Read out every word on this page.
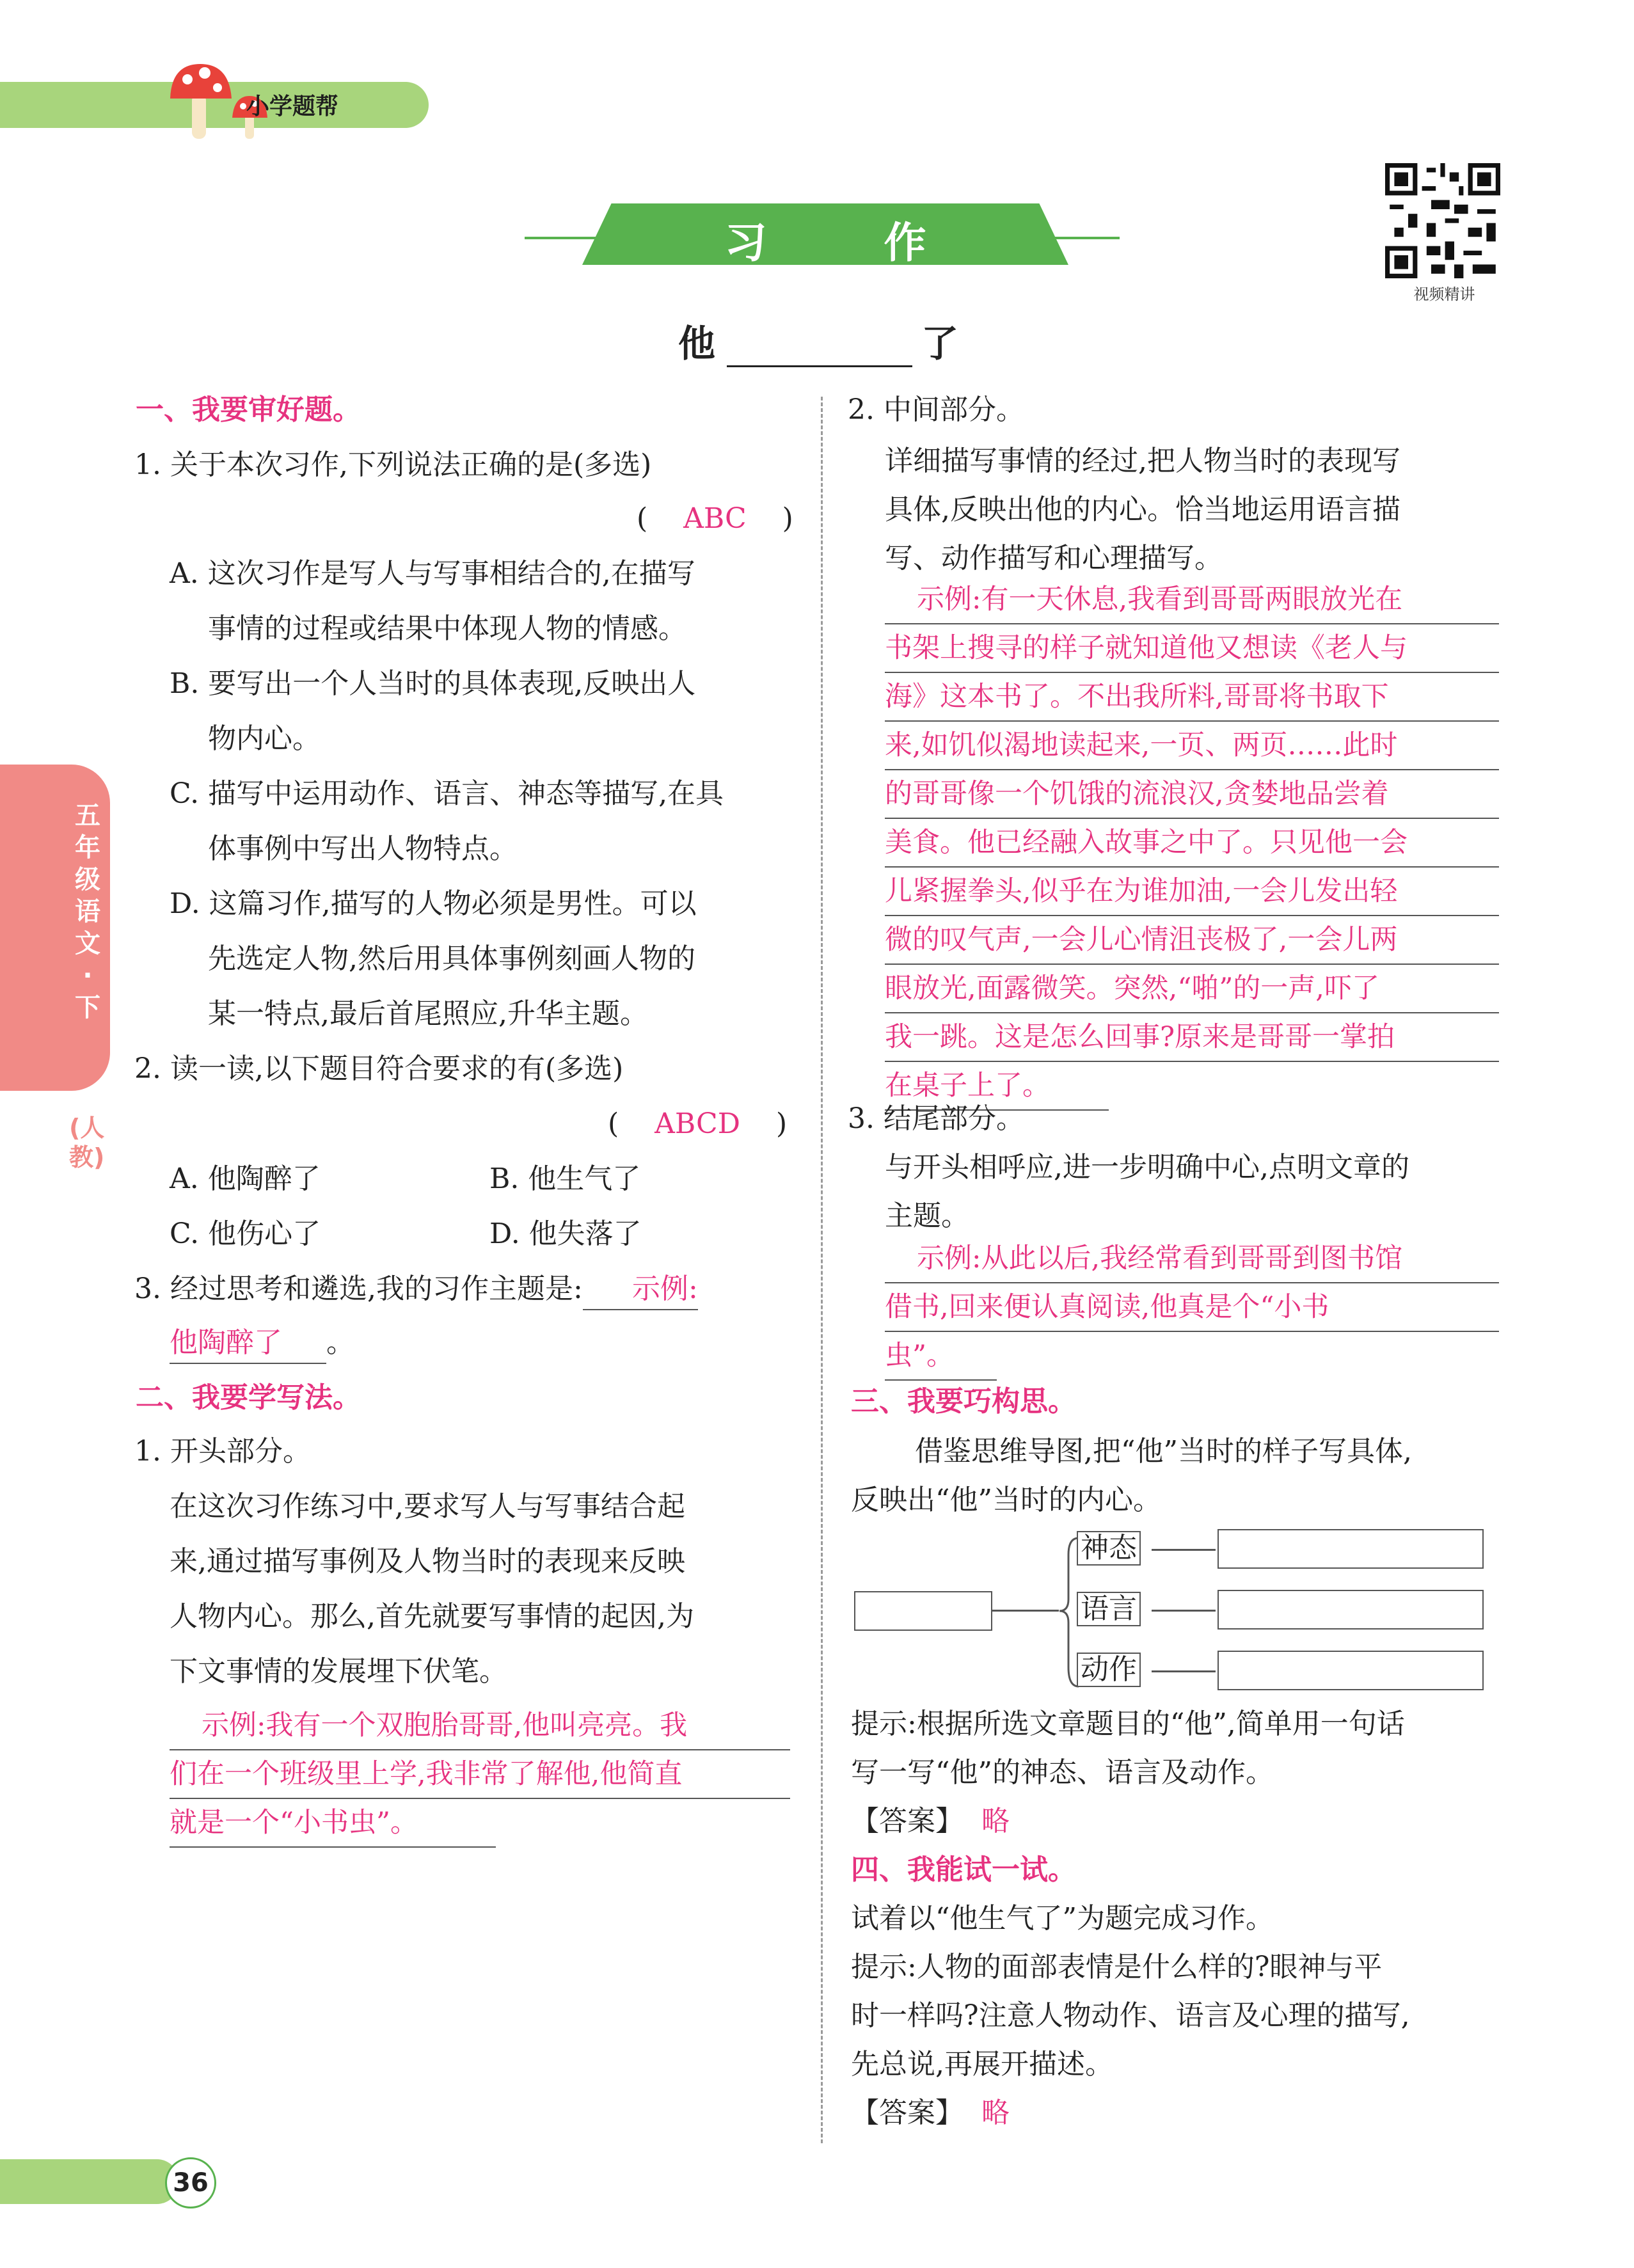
小学题帮
习 作
视频精讲
他	了
五年级语文·下
(人教)
一、我要审好题。
1. 关于本次习作,下列说法正确的是(多选)
(    ABC    )
A. 这次习作是写人与写事相结合的,在描写
事情的过程或结果中体现人物的情感。
B. 要写出一个人当时的具体表现,反映出人
物内心。
C. 描写中运用动作、语言、神态等描写,在具
体事例中写出人物特点。
D. 这篇习作,描写的人物必须是男性。可以
先选定人物,然后用具体事例刻画人物的
某一特点,最后首尾照应,升华主题。
2. 读一读,以下题目符合要求的有(多选)
(    ABCD    )
A. 他陶醉了	B. 他生气了
C. 他伤心了	D. 他失落了
3. 经过思考和遴选,我的习作主题是: 示例:
他陶醉了 。
二、我要学写法。
1. 开头部分。
在这次习作练习中,要求写人与写事结合起
来,通过描写事例及人物当时的表现来反映
人物内心。那么,首先就要写事情的起因,为
下文事情的发展埋下伏笔。
示例:我有一个双胞胎哥哥,他叫亮亮。我
们在一个班级里上学,我非常了解他,他简直
就是一个“小书虫”。
2. 中间部分。
详细描写事情的经过,把人物当时的表现写
具体,反映出他的内心。恰当地运用语言描
写、动作描写和心理描写。
示例:有一天休息,我看到哥哥两眼放光在
书架上搜寻的样子就知道他又想读《老人与
海》这本书了。不出我所料,哥哥将书取下
来,如饥似渴地读起来,一页、两页……此时
的哥哥像一个饥饿的流浪汉,贪婪地品尝着
美食。他已经融入故事之中了。只见他一会
儿紧握拳头,似乎在为谁加油,一会儿发出轻
微的叹气声,一会儿心情沮丧极了,一会儿两
眼放光,面露微笑。突然,“啪”的一声,吓了
我一跳。这是怎么回事?原来是哥哥一掌拍
在桌子上了。
3. 结尾部分。
与开头相呼应,进一步明确中心,点明文章的
主题。
示例:从此以后,我经常看到哥哥到图书馆
借书,回来便认真阅读,他真是个“小书
虫”。
三、我要巧构思。
借鉴思维导图,把“他”当时的样子写具体,
反映出“他”当时的内心。
神态
语言
动作
提示:根据所选文章题目的“他”,简单用一句话
写一写“他”的神态、语言及动作。
【答案】 略
四、我能试一试。
试着以“他生气了”为题完成习作。
提示:人物的面部表情是什么样的?眼神与平
时一样吗?注意人物动作、语言及心理的描写,
先总说,再展开描述。
【答案】 略
36
